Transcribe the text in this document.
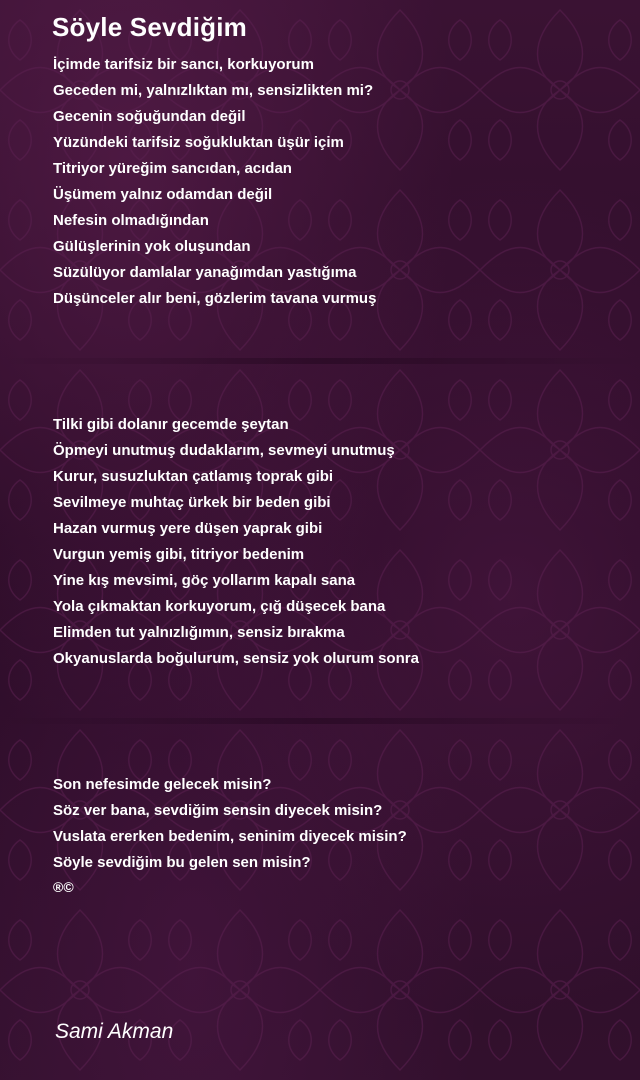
Söyle Sevdiğim
İçimde tarifsiz bir sancı, korkuyorum
Geceden mi, yalnızlıktan mı, sensizlikten mi?
Gecenin soğuğundan değil
Yüzündeki tarifsiz soğukluktan üşür içim
Titriyor yüreğim sancıdan, acıdan
Üşümem yalnız odamdan değil
Nefesin olmadığından
Gülüşlerinin yok oluşundan
Süzülüyor damlalar yanağımdan yastığıma
Düşünceler alır beni, gözlerim tavana vurmuş
Tilki gibi dolanır gecemde şeytan
Öpmeyi unutmuş dudaklarım, sevmeyi unutmuş
Kurur, susuzluktan çatlamış toprak gibi
Sevilmeye muhtaç ürkek bir beden gibi
Hazan vurmuş yere düşen yaprak gibi
Vurgun yemiş gibi, titriyor bedenim
Yine kış mevsimi, göç yollarım kapalı sana
Yola çıkmaktan korkuyorum, çığ düşecek bana
Elimden tut yalnızlığımın, sensiz bırakma
Okyanuslarda boğulurum, sensiz yok olurum sonra
Son nefesimde gelecek misin?
Söz ver bana, sevdiğim sensin diyecek misin?
Vuslata ererken bedenim, seninim diyecek misin?
Söyle sevdiğim bu gelen sen misin?
®©
Sami Akman
